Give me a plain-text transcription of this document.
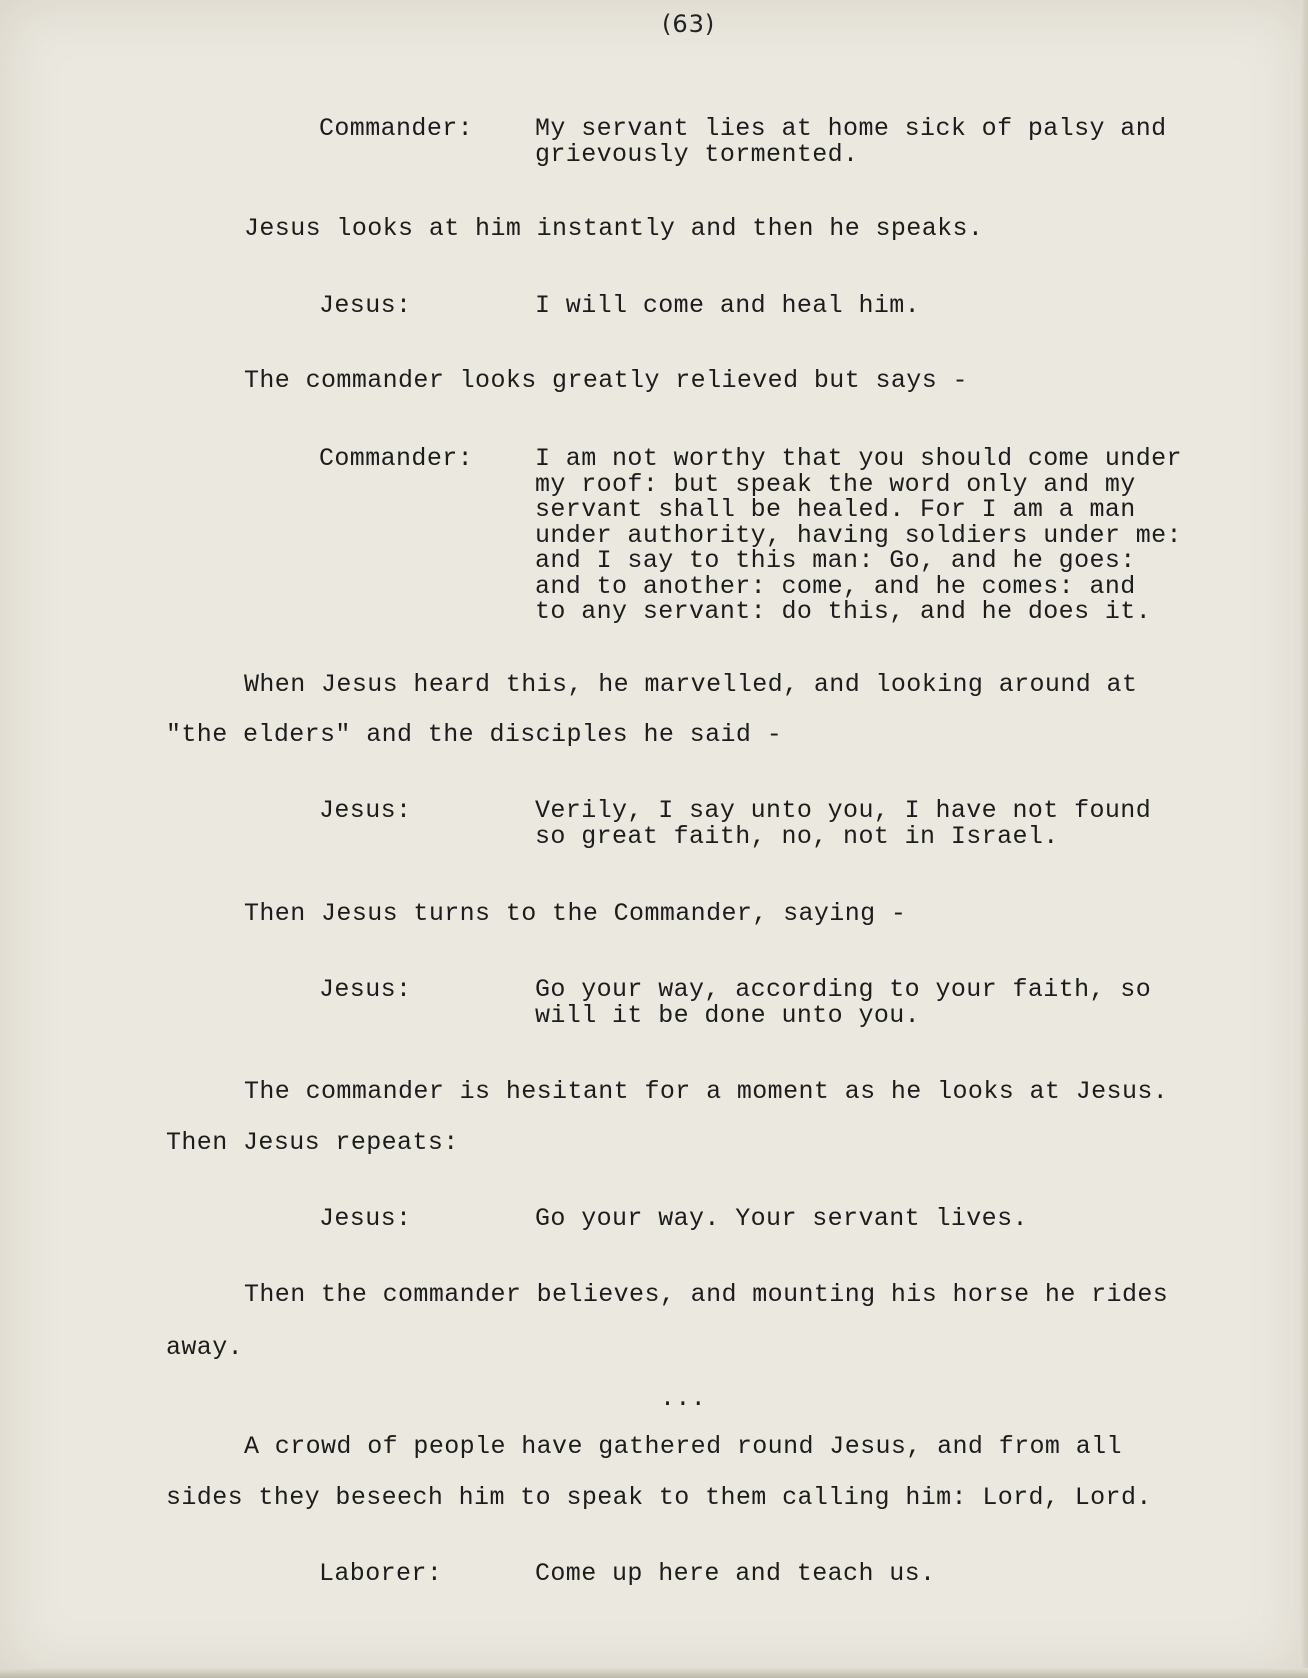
(63)
Commander: My servant lies at home sick of palsy and
grievously tormented.
Jesus looks at him instantly and then he speaks.
Jesus:	I will come and heal him.
The commander looks greatly relieved but says -
Commander: I am not worthy that you should come under
my roof: but speak the word only and my
servant shall be healed. For I am a man
under authority, having soldiers under me:
and I say to this man: Go, and he goes:
and to another: come, and he comes: and
to any servant: do this, and he does it.
When Jesus heard this, he marvelled, and looking around at
"the elders" and the disciples he said -
Jesus:	Verily, I say unto you, I have not found
so great faith, no, not in Israel.
Then Jesus turns to the Commander, saying -
Jesus:	Go your way, according to your faith, so
will it be done unto you.
The commander is hesitant for a moment as he looks at Jesus.
Then Jesus repeats:
Jesus:	Go your way. Your servant lives.
Then the commander believes, and mounting his horse he rides
away.
...
A crowd of people have gathered round Jesus, and from all
sides they beseech him to speak to them calling him: Lord, Lord.
Laborer:	Come up here and teach us.
